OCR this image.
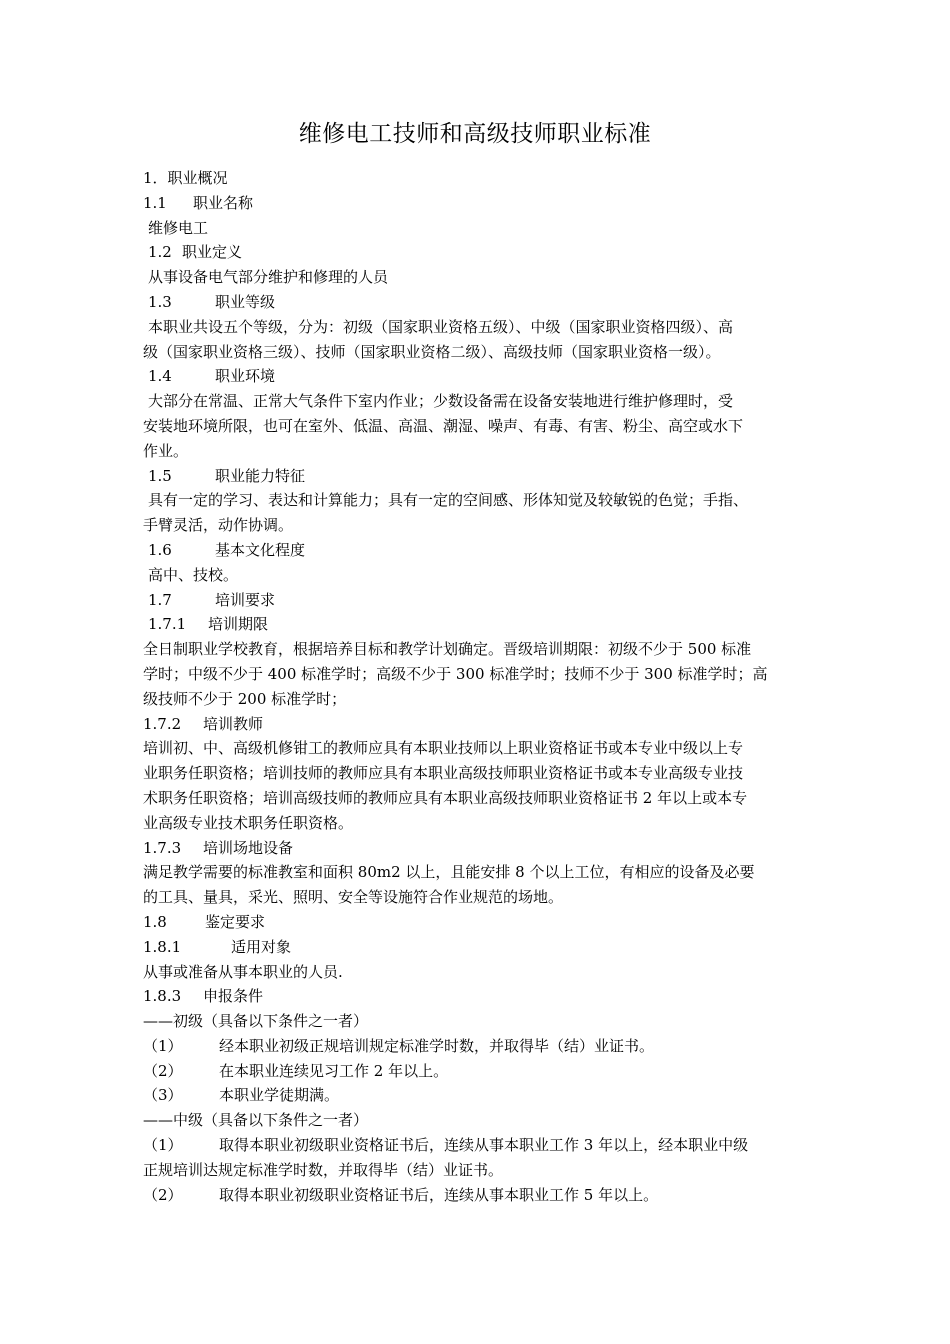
维修电工技师和高级技师职业标准
1．职业概况
1.1 职业名称
维修电工
1.2 职业定义
从事设备电气部分维护和修理的人员
1.3	职业等级
本职业共设五个等级，分为：初级（国家职业资格五级）、中级（国家职业资格四级）、高
级（国家职业资格三级）、技师（国家职业资格二级）、高级技师（国家职业资格一级）。
1.4	职业环境
大部分在常温、正常大气条件下室内作业；少数设备需在设备安装地进行维护修理时，受
安装地环境所限，也可在室外、低温、高温、潮湿、噪声、有毒、有害、粉尘、高空或水下
作业。
1.5	职业能力特征
具有一定的学习、表达和计算能力；具有一定的空间感、形体知觉及较敏锐的色觉；手指、
手臂灵活，动作协调。
1.6	基本文化程度
高中、技校。
1.7	培训要求
1.7.1 培训期限
全日制职业学校教育，根据培养目标和教学计划确定。晋级培训期限：初级不少于 500 标准
学时；中级不少于 400 标准学时；高级不少于 300 标准学时；技师不少于 300 标准学时；高
级技师不少于 200 标准学时；
1.7.2 培训教师
培训初、中、高级机修钳工的教师应具有本职业技师以上职业资格证书或本专业中级以上专
业职务任职资格；培训技师的教师应具有本职业高级技师职业资格证书或本专业高级专业技
术职务任职资格；培训高级技师的教师应具有本职业高级技师职业资格证书 2 年以上或本专
业高级专业技术职务任职资格。
1.7.3 培训场地设备
满足教学需要的标准教室和面积 80m2 以上，且能安排 8 个以上工位，有相应的设备及必要
的工具、量具，采光、照明、安全等设施符合作业规范的场地。
1.8	鉴定要求
1.8.1	适用对象
从事或准备从事本职业的人员.
1.8.3 申报条件
——初级（具备以下条件之一者）
（1） 经本职业初级正规培训规定标准学时数，并取得毕（结）业证书。
（2） 在本职业连续见习工作 2 年以上。
（3） 本职业学徒期满。
——中级（具备以下条件之一者）
（1） 取得本职业初级职业资格证书后，连续从事本职业工作 3 年以上，经本职业中级
正规培训达规定标准学时数，并取得毕（结）业证书。
（2） 取得本职业初级职业资格证书后，连续从事本职业工作 5 年以上。
